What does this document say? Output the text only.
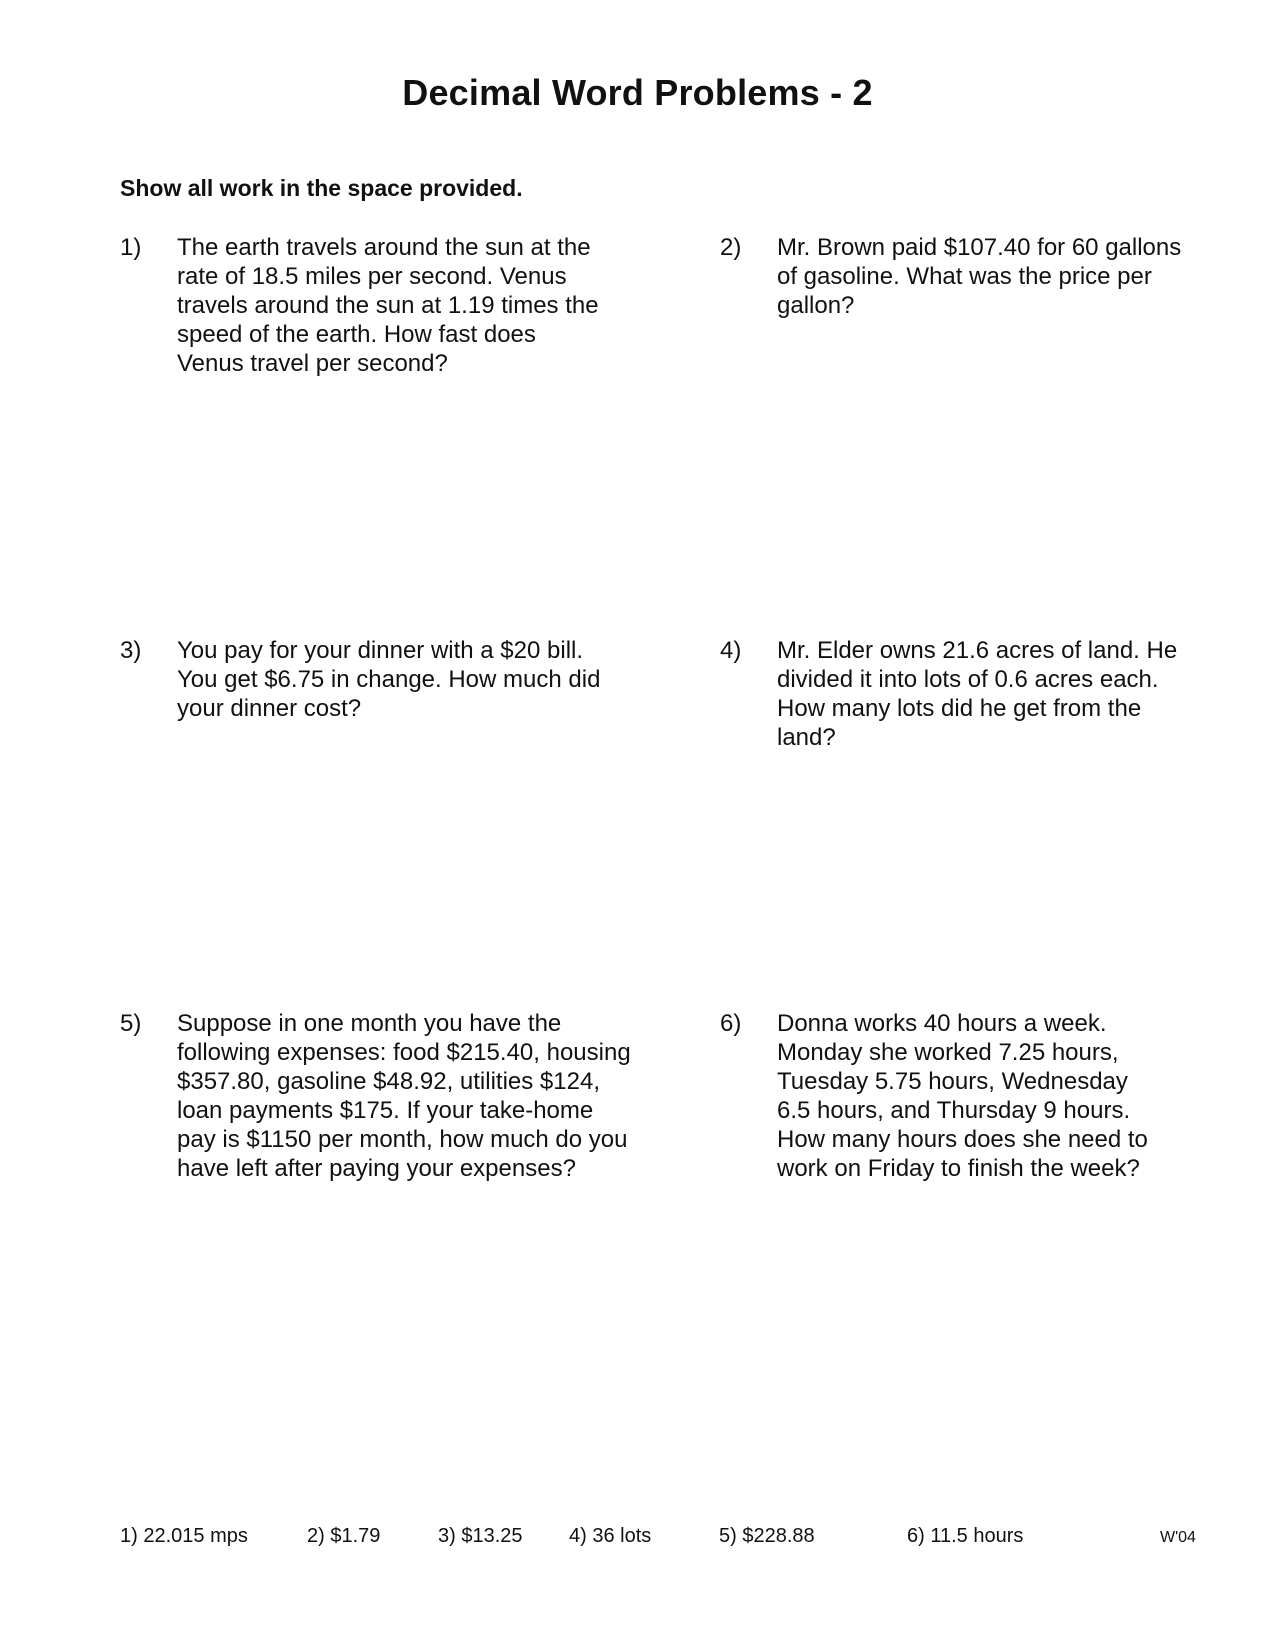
Decimal Word Problems - 2
Show all work in the space provided.
1) The earth travels around the sun at the
rate of 18.5 miles per second. Venus
travels around the sun at 1.19 times the
speed of the earth. How fast does
Venus travel per second?
2) Mr. Brown paid $107.40 for 60 gallons
of gasoline. What was the price per
gallon?
3) You pay for your dinner with a $20 bill.
You get $6.75 in change. How much did
your dinner cost?
4) Mr. Elder owns 21.6 acres of land. He
divided it into lots of 0.6 acres each.
How many lots did he get from the
land?
5) Suppose in one month you have the
following expenses: food $215.40, housing
$357.80, gasoline $48.92, utilities $124,
loan payments $175. If your take-home
pay is $1150 per month, how much do you
have left after paying your expenses?
6) Donna works 40 hours a week.
Monday she worked 7.25 hours,
Tuesday 5.75 hours, Wednesday
6.5 hours, and Thursday 9 hours.
How many hours does she need to
work on Friday to finish the week?
1) 22.015 mps	2) $1.79	3) $13.25 4) 36 lots	5) $228.88	6) 11.5 hours	W'04
